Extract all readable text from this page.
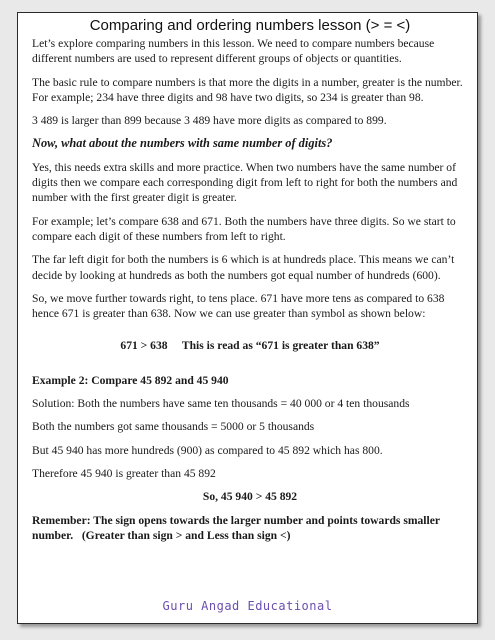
Comparing and ordering numbers lesson (> = <)

Let’s explore comparing numbers in this lesson. We need to compare numbers because different numbers are used to represent different groups of objects or quantities.

The basic rule to compare numbers is that more the digits in a number, greater is the number. For example; 234 have three digits and 98 have two digits, so 234 is greater than 98.

3 489 is larger than 899 because 3 489 have more digits as compared to 899.

Now, what about the numbers with same number of digits?

Yes, this needs extra skills and more practice. When two numbers have the same number of digits then we compare each corresponding digit from left to right for both the numbers and number with the first greater digit is greater.

For example; let’s compare 638 and 671. Both the numbers have three digits. So we start to compare each digit of these numbers from left to right.

The far left digit for both the numbers is 6 which is at hundreds place. This means we can’t decide by looking at hundreds as both the numbers got equal number of hundreds (600).

So, we move further towards right, to tens place. 671 have more tens as compared to 638 hence 671 is greater than 638. Now we can use greater than symbol as shown below:

671 > 638     This is read as “671 is greater than 638”

Example 2: Compare 45 892 and 45 940

Solution: Both the numbers have same ten thousands = 40 000 or 4 ten thousands

Both the numbers got same thousands = 5000 or 5 thousands

But 45 940 has more hundreds (900) as compared to 45 892 which has 800.

Therefore 45 940 is greater than 45 892

So, 45 940 > 45 892

Remember: The sign opens towards the larger number and points towards smaller number.   (Greater than sign > and Less than sign <)

Guru Angad Educational
